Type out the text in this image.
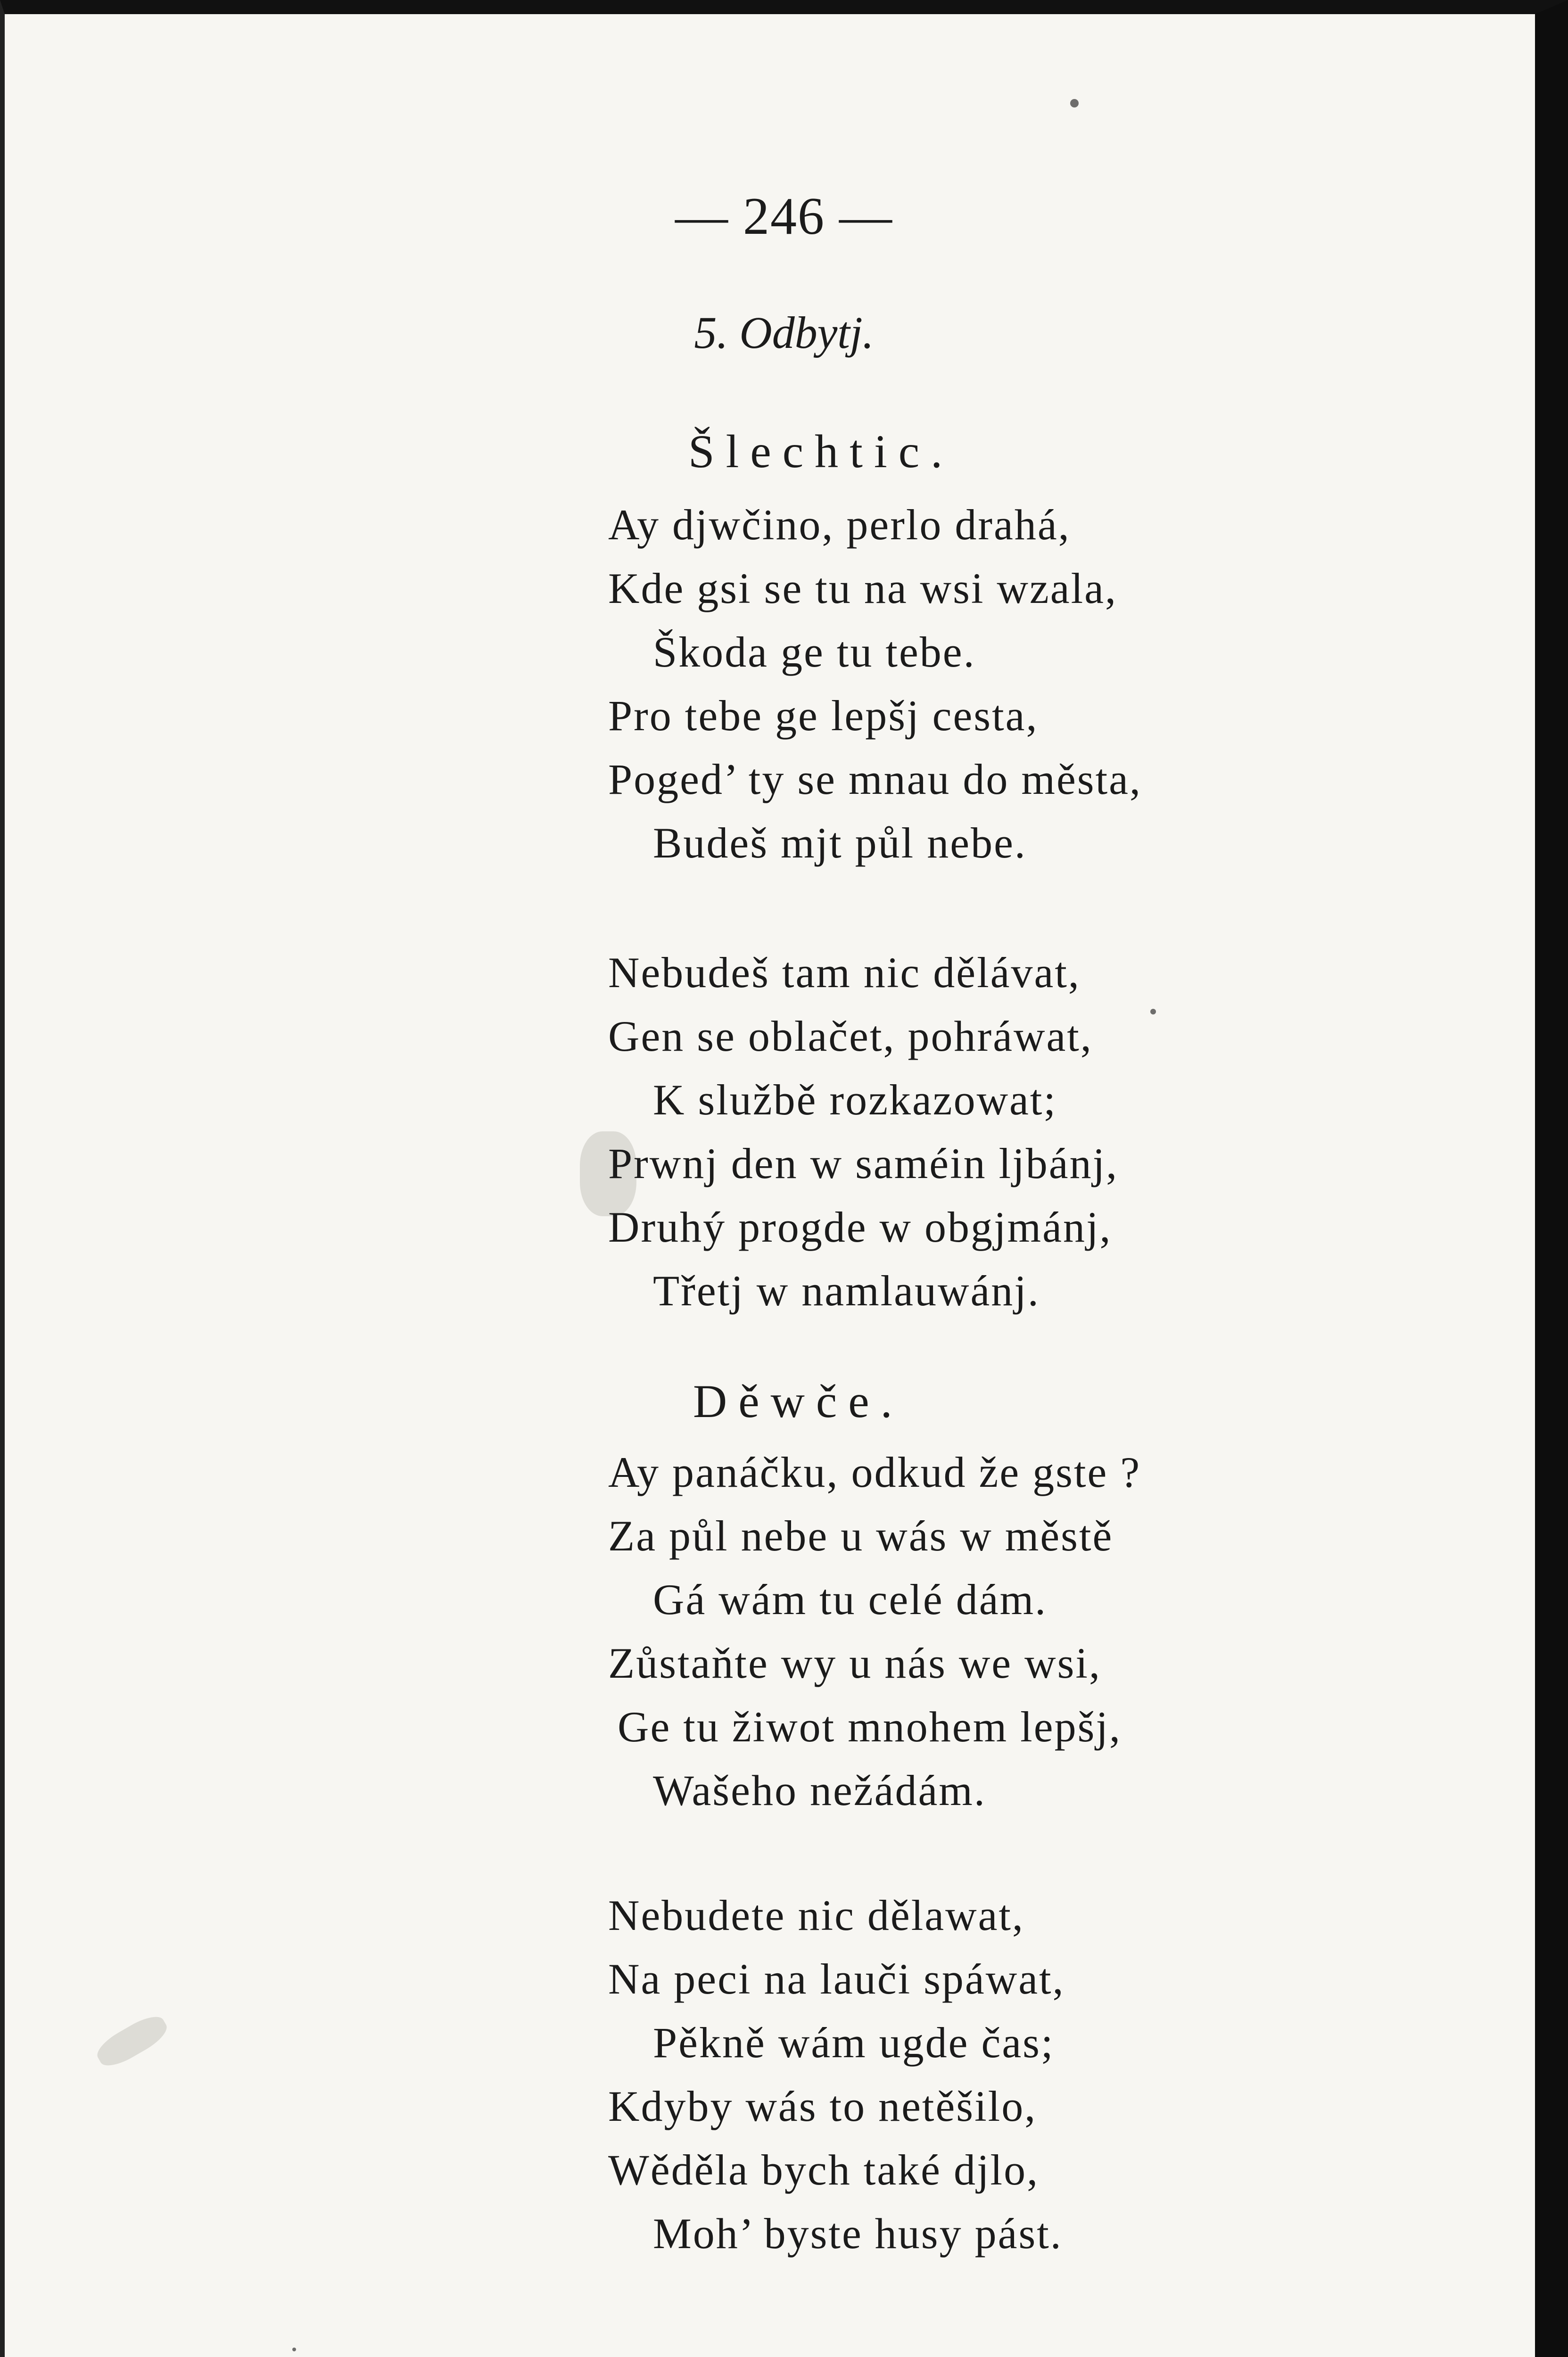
— 246 —
5. Odbytj.
Šlechtic.
Ay djwčino, perlo drahá,
Kde gsi se tu na wsi wzala,
Škoda ge tu tebe.
Pro tebe ge lepšj cesta,
Poged’ ty se mnau do města,
Budeš mjt půl nebe.
Nebudeš tam nic dělávat,
Gen se oblačet, pohráwat,
K službě rozkazowat;
Prwnj den w saméin ljbánj,
Druhý progde w obgjmánj,
Třetj w namlauwánj.
Děwče.
Ay panáčku, odkud že gste ?
Za půl nebe u wás w městě
Gá wám tu celé dám.
Zůstaňte wy u nás we wsi,
Ge tu žiwot mnohem lepšj,
Wašeho nežádám.
Nebudete nic dělawat,
Na peci na lauči spáwat,
Pěkně wám ugde čas;
Kdyby wás to netěšilo,
Wěděla bych také djlo,
Moh’ byste husy pást.
